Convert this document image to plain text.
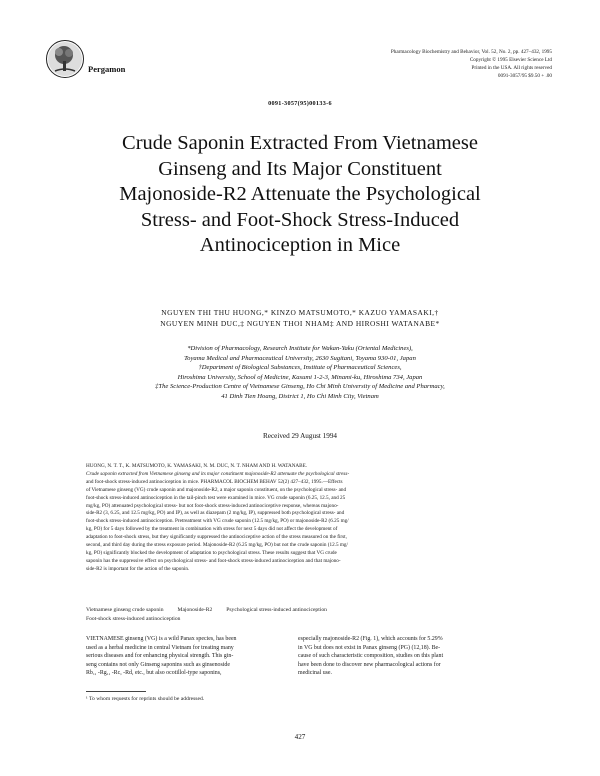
Pergamon
Pharmacology Biochemistry and Behavior, Vol. 52, No. 2, pp. 427–432, 1995
Copyright © 1995 Elsevier Science Ltd
Printed in the USA. All rights reserved
0091-3057/95 $9.50 + .00
0091-3057(95)00133-6
Crude Saponin Extracted From Vietnamese
Ginseng and Its Major Constituent
Majonoside-R2 Attenuate the Psychological
Stress- and Foot-Shock Stress-Induced
Antinociception in Mice
NGUYEN THI THU HUONG,* KINZO MATSUMOTO,* KAZUO YAMASAKI,†
NGUYEN MINH DUC,‡ NGUYEN THOI NHAM‡ AND HIROSHI WATANABE*
*Division of Pharmacology, Research Institute for Wakan-Yaku (Oriental Medicines),
Toyama Medical and Pharmaceutical University, 2630 Sugitani, Toyama 930-01, Japan
†Department of Biological Substances, Institute of Pharmaceutical Sciences,
Hiroshima University, School of Medicine, Kasumi 1-2-3, Minami-ku, Hiroshima 734, Japan
‡The Science-Production Centre of Vietnamese Ginseng, Ho Chi Minh University of Medicine and Pharmacy,
41 Dinh Tien Hoang, District 1, Ho Chi Minh City, Vietnam
Received 29 August 1994
HUONG, N. T. T., K. MATSUMOTO, K. YAMASAKI, N. M. DUC, N. T. NHAM AND H. WATANABE.
Crude saponin extracted from Vietnamese ginseng and its major constituent majonoside-R2 attenuate the psychological stress-
and foot-shock stress-induced antinociception in mice. PHARMACOL BIOCHEM BEHAV 52(2) 427–432, 1995.—Effects
of Vietnamese ginseng (VG) crude saponin and majonoside-R2, a major saponin constituent, on the psychological stress- and
foot-shock stress-induced antinociception in the tail-pinch test were examined in mice. VG crude saponin (6.25, 12.5, and 25
mg/kg, PO) attenuated psychological stress- but not foot-shock stress-induced antinociceptive response, whereas majono-
side-R2 (3, 6.25, and 12.5 mg/kg, PO) and IP), as well as diazepam (2 mg/kg, IP), suppressed both psychological stress- and
foot-shock stress-induced antinociception. Pretreatment with VG crude saponin (12.5 mg/kg, PO) or majonoside-R2 (6.25 mg/
kg, PO) for 5 days followed by the treatment in combination with stress for next 5 days did not affect the development of
adaptation to foot-shock stress, but they significantly suppressed the antinociceptive action of the stress measured on the first,
second, and third day during the stress exposure period. Majonoside-R2 (6.25 mg/kg, PO) but not the crude saponin (12.5 mg/
kg, PO) significantly blocked the development of adaptation to psychological stress. These results suggest that VG crude
saponin has the suppressive effect on psychological stress- and foot-shock stress-induced antinociception and that majono-
side-R2 is important for the action of the saponin.
Vietnamese ginseng crude saponin          Majonoside-R2          Psychological stress-induced antinociception
Foot-shock stress-induced antinociception
VIETNAMESE ginseng (VG) is a wild Panax species, has been
used as a herbal medicine in central Vietnam for treating many
serious diseases and for enhancing physical strength. This gin-
seng contains not only Ginseng saponins such as ginsenoside
Rb₁, -Rg₁, -Rc, -Rd, etc., but also ocotillol-type saponins,
especially majonoside-R2 (Fig. 1), which accounts for 5.29%
in VG but does not exist in Panax ginseng (PG) (12,18). Be-
cause of such characteristic composition, studies on this plant
have been done to discover new pharmacological actions for
medicinal use.
¹ To whom requests for reprints should be addressed.
427
